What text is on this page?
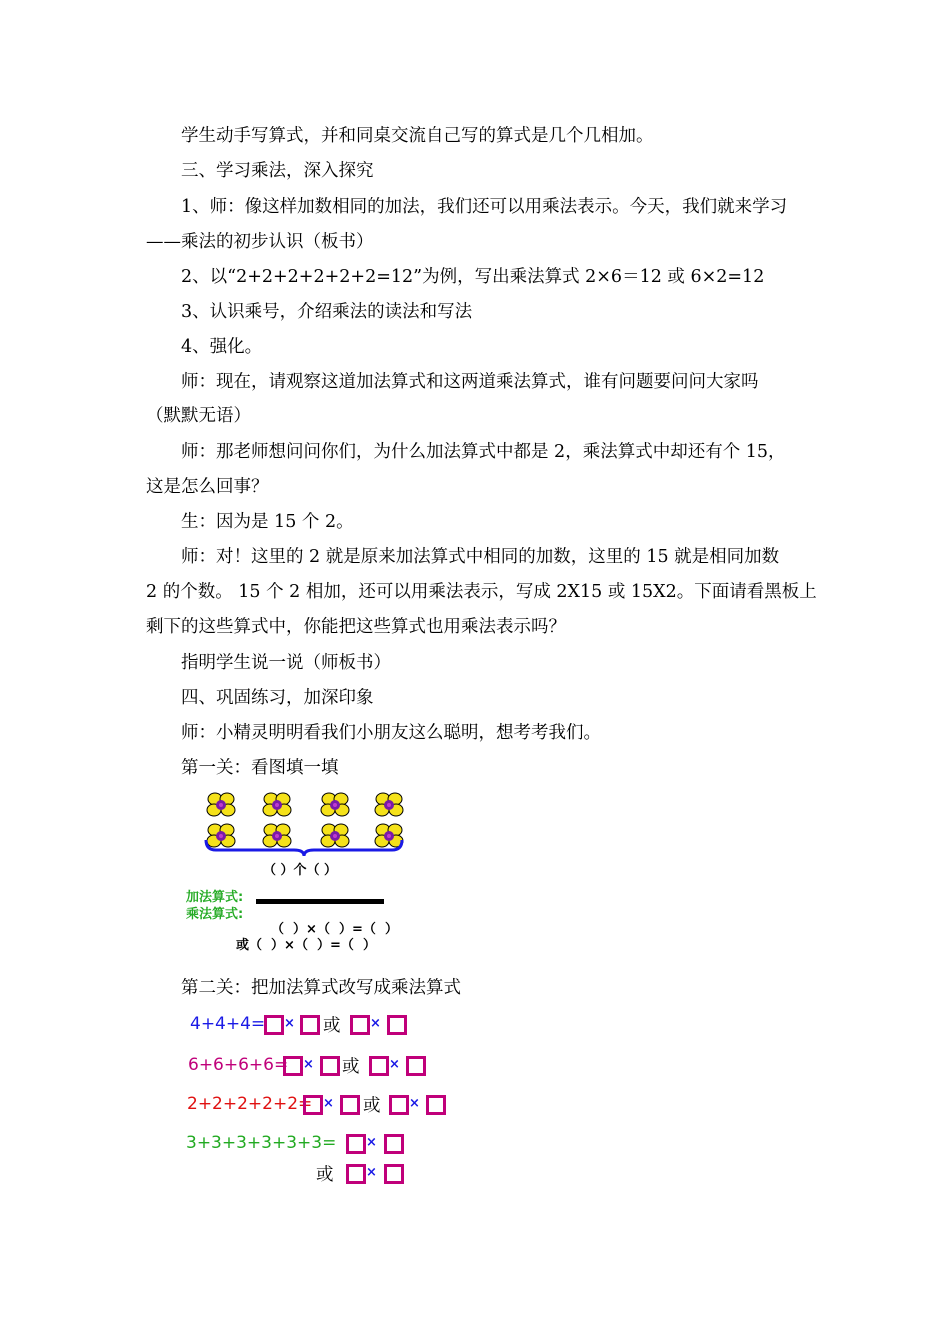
学生动手写算式，并和同桌交流自己写的算式是几个几相加。
三、学习乘法，深入探究
1、师：像这样加数相同的加法，我们还可以用乘法表示。今天，我们就来学习
——乘法的初步认识（板书）
2、以“2+2+2+2+2+2=12”为例，写出乘法算式 2×6＝12 或 6×2=12
3、认识乘号，介绍乘法的读法和写法
4、强化。
师：现在，请观察这道加法算式和这两道乘法算式，谁有问题要问问大家吗
（默默无语）
师：那老师想问问你们，为什么加法算式中都是 2，乘法算式中却还有个 15，
这是怎么回事？
生：因为是 15 个 2。
师：对！这里的 2 就是原来加法算式中相同的加数，这里的 15 就是相同加数
2 的个数。 15 个 2 相加，还可以用乘法表示，写成 2X15 或 15X2。下面请看黑板上
剩下的这些算式中，你能把这些算式也用乘法表示吗？
指明学生说一说（师板书）
四、巩固练习，加深印象
师：小精灵明明看我们小朋友这么聪明，想考考我们。
第一关：看图填一填
（ ）个（ ）
加法算式:
乘法算式:
（  ）×（  ）=（  ）
或（  ）×（  ）=（  ）
第二关：把加法算式改写成乘法算式
4+4+4= × 或 ×
6+6+6+6= × 或 ×
2+2+2+2+2= × 或 ×
3+3+3+3+3+3= ×
或	×
